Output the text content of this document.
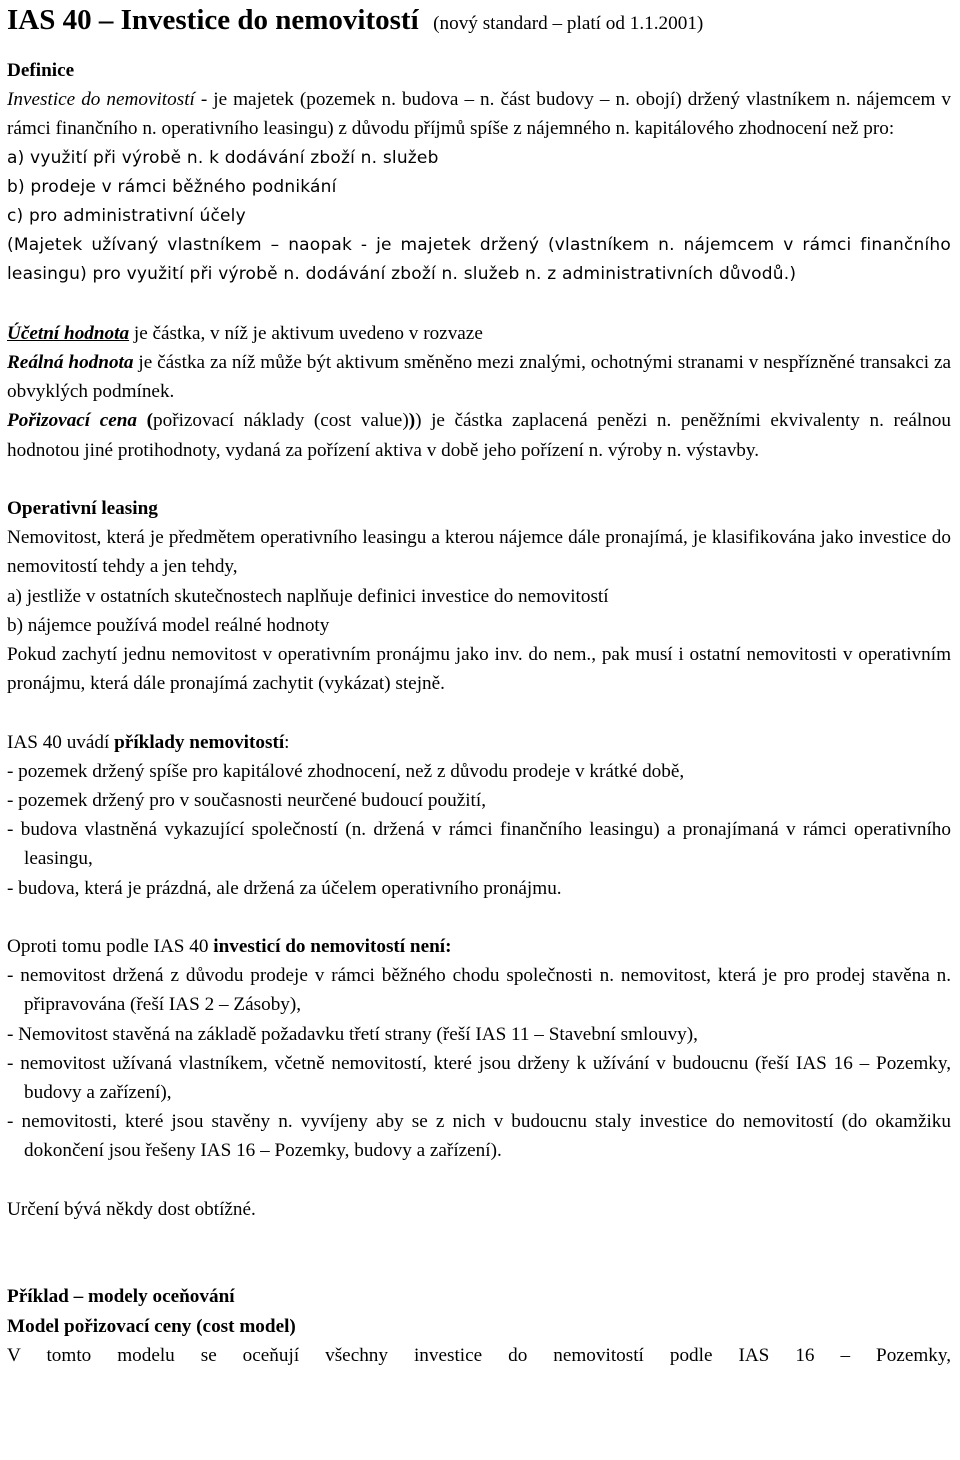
IAS 40 – Investice do nemovitostí (nový standard – platí od 1.1.2001)

Definice

Investice do nemovitostí - je majetek (pozemek n. budova – n. část budovy – n. obojí) držený vlastníkem n. nájemcem v rámci finančního n. operativního leasingu) z důvodu příjmů spíše z nájemného n. kapitálového zhodnocení než pro:

a) využití při výrobě n. k dodávání zboží n. služeb

b) prodeje v rámci běžného podnikání

c) pro administrativní účely

(Majetek užívaný vlastníkem – naopak - je majetek držený (vlastníkem n. nájemcem v rámci finančního leasingu) pro využití při výrobě n. dodávání zboží n. služeb n. z administrativních důvodů.)

Účetní hodnota je částka, v níž je aktivum uvedeno v rozvaze

Reálná hodnota je částka za níž může být aktivum směněno mezi znalými, ochotnými stranami v nespřízněné transakci za obvyklých podmínek.

Pořizovací cena (pořizovací náklady (cost value))) je částka zaplacená penězi n. peněžními ekvivalenty n. reálnou hodnotou jiné protihodnoty, vydaná za pořízení aktiva v době jeho pořízení n. výroby n. výstavby.

Operativní leasing

Nemovitost, která je předmětem operativního leasingu a kterou nájemce dále pronajímá, je klasifikována jako investice do nemovitostí tehdy a jen tehdy,

a) jestliže v ostatních skutečnostech naplňuje definici investice do nemovitostí

b) nájemce používá model reálné hodnoty

Pokud zachytí jednu nemovitost v operativním pronájmu jako inv. do nem., pak musí i ostatní nemovitosti v operativním pronájmu, která dále pronajímá zachytit (vykázat) stejně.

IAS 40 uvádí příklady nemovitostí:

- pozemek držený spíše pro kapitálové zhodnocení, než z důvodu prodeje v krátké době,

- pozemek držený pro v současnosti neurčené budoucí použití,

- budova vlastněná vykazující společností (n. držená v rámci finančního leasingu) a pronajímaná v rámci operativního leasingu,

- budova, která je prázdná, ale držená za účelem operativního pronájmu.

Oproti tomu podle IAS 40 investicí do nemovitostí není:

- nemovitost držená z důvodu prodeje v rámci běžného chodu společnosti n. nemovitost, která je pro prodej stavěna n. připravována (řeší IAS 2 – Zásoby),

- Nemovitost stavěná na základě požadavku třetí strany (řeší IAS 11 – Stavební smlouvy),

- nemovitost užívaná vlastníkem, včetně nemovitostí, které jsou drženy k užívání v budoucnu (řeší IAS 16 – Pozemky, budovy a zařízení),

- nemovitosti, které jsou stavěny n. vyvíjeny aby se z nich v budoucnu staly investice do nemovitostí (do okamžiku dokončení jsou řešeny IAS 16 – Pozemky, budovy a zařízení).

Určení bývá někdy dost obtížné.

Příklad – modely oceňování

Model pořizovací ceny (cost model)

V tomto modelu se oceňují všechny investice do nemovitostí podle IAS 16 – Pozemky,
